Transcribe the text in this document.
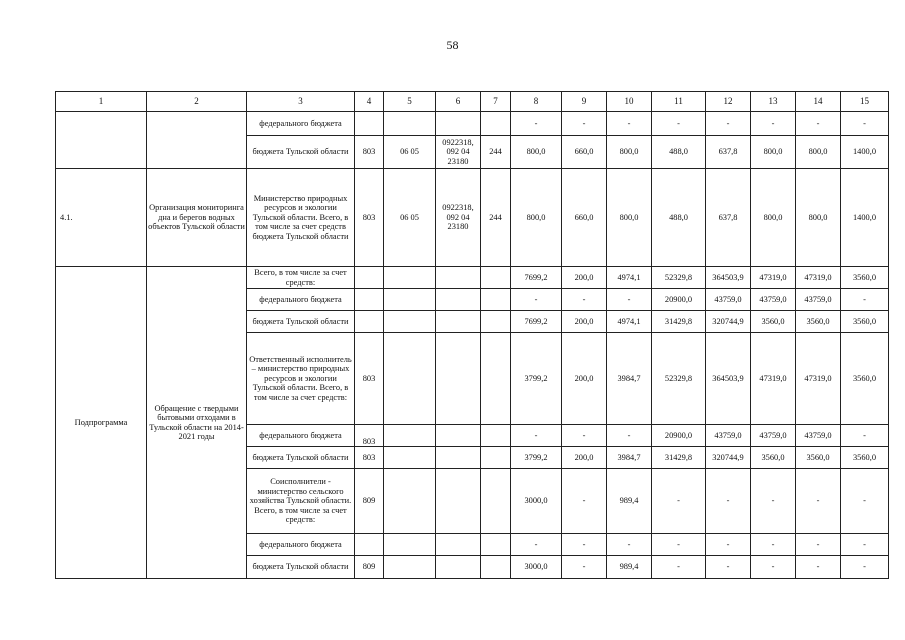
58
1	2	3	4	5	6	7	8	9	10	11	12	13	14	15
		федерального бюджета					-	-	-	-	-	-	-	-
		бюджета Тульской области	803	06 05	0922318, 092 04 23180	244	800,0	660,0	800,0	488,0	637,8	800,0	800,0	1400,0
4.1.	Организация мониторинга дна и берегов водных объектов Тульской области	Министерство природных ресурсов и экологии Тульской области. Всего, в том числе за счет средств бюджета Тульской области	803	06 05	0922318, 092 04 23180	244	800,0	660,0	800,0	488,0	637,8	800,0	800,0	1400,0
Подпрограмма	Обращение с твердыми бытовыми отходами в Тульской области на 2014-2021 годы	Всего, в том числе за счет средств:					7699,2	200,0	4974,1	52329,8	364503,9	47319,0	47319,0	3560,0
		федерального бюджета					-	-	-	20900,0	43759,0	43759,0	43759,0	-
		бюджета Тульской области					7699,2	200,0	4974,1	31429,8	320744,9	3560,0	3560,0	3560,0
		Ответственный исполнитель – министерство природных ресурсов и экологии Тульской области. Всего, в том числе за счет средств:	803				3799,2	200,0	3984,7	52329,8	364503,9	47319,0	47319,0	3560,0
		федерального бюджета	803				-	-	-	20900,0	43759,0	43759,0	43759,0	-
		бюджета Тульской области	803				3799,2	200,0	3984,7	31429,8	320744,9	3560,0	3560,0	3560,0
		Соисполнители - министерство сельского хозяйства Тульской области. Всего, в том числе за счет средств:	809				3000,0	-	989,4	-	-	-	-	-
		федерального бюджета					-	-	-	-	-	-	-	-
		бюджета Тульской области	809				3000,0	-	989,4	-	-	-	-	-
